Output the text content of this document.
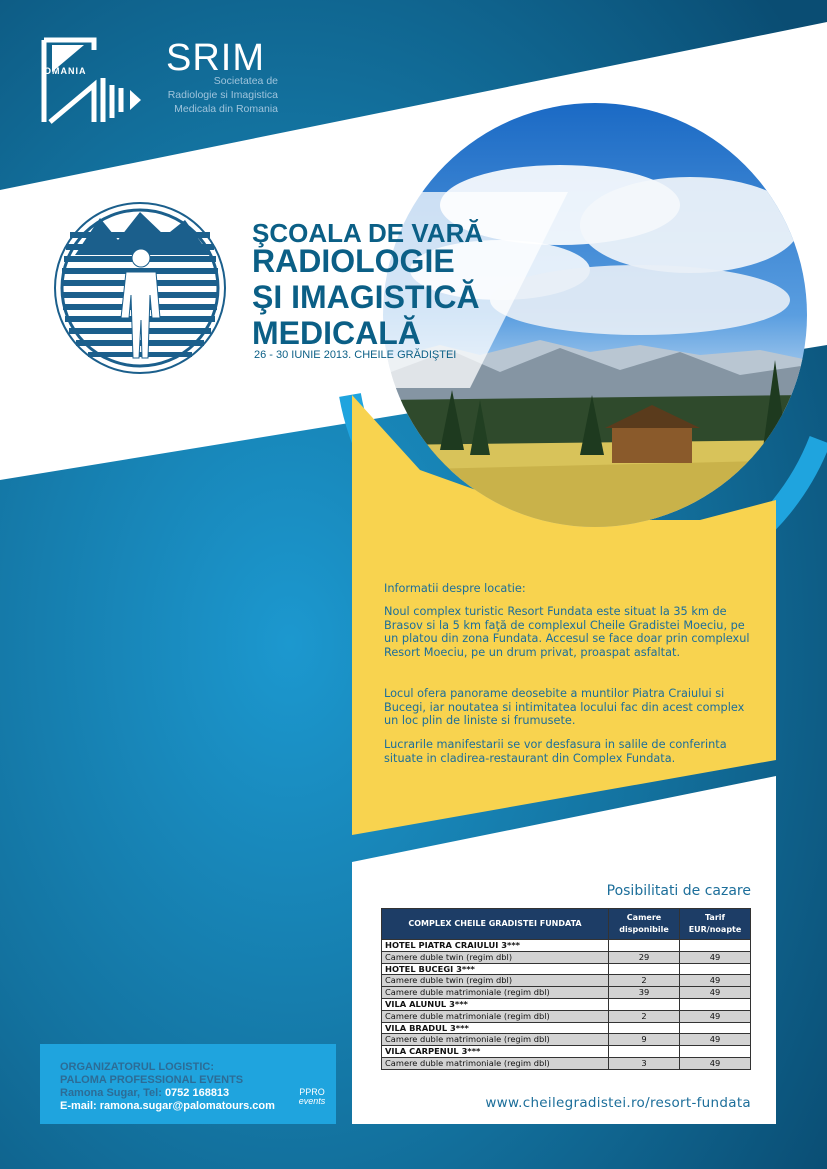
OMANIA SRIM
Societatea de
Radiologie si Imagistica
Medicala din Romania
ŞCOALA DE VARĂ
RADIOLOGIE
ŞI IMAGISTICĂ
MEDICALĂ
26 - 30 IUNIE 2013. CHEILE GRĂDIŞTEI
Informatii despre locatie:
Noul complex turistic Resort Fundata este situat la 35 km de Brasov si la 5 km faţă de complexul Cheile Gradistei Moeciu, pe un platou din zona Fundata. Accesul se face doar prin complexul Resort Moeciu, pe un drum privat, proaspat asfaltat.
Locul ofera panorame deosebite a muntilor Piatra Craiului si Bucegi, iar noutatea si intimitatea locului fac din acest complex un loc plin de liniste si frumusete.
Lucrarile manifestarii se vor desfasura in salile de conferinta situate in cladirea-restaurant din Complex Fundata.
Posibilitati de cazare
COMPLEX CHEILE GRADISTEI FUNDATA	Camere disponibile	Tarif EUR/noapte
HOTEL PIATRA CRAIULUI 3***		
Camere duble twin (regim dbl)	29	49
HOTEL BUCEGI 3***		
Camere duble twin (regim dbl)	2	49
Camere duble matrimoniale (regim dbl)	39	49
VILA ALUNUL 3***		
Camere duble matrimoniale (regim dbl)	2	49
VILA BRADUL 3***		
Camere duble matrimoniale (regim dbl)	9	49
VILA CARPENUL 3***		
Camere duble matrimoniale (regim dbl)	3	49
www.cheilegradistei.ro/resort-fundata
ORGANIZATORUL LOGISTIC:
PALOMA PROFESSIONAL EVENTS
Ramona Sugar, Tel: 0752 168813
E-mail: ramona.sugar@palomatours.com
PPRO
events
